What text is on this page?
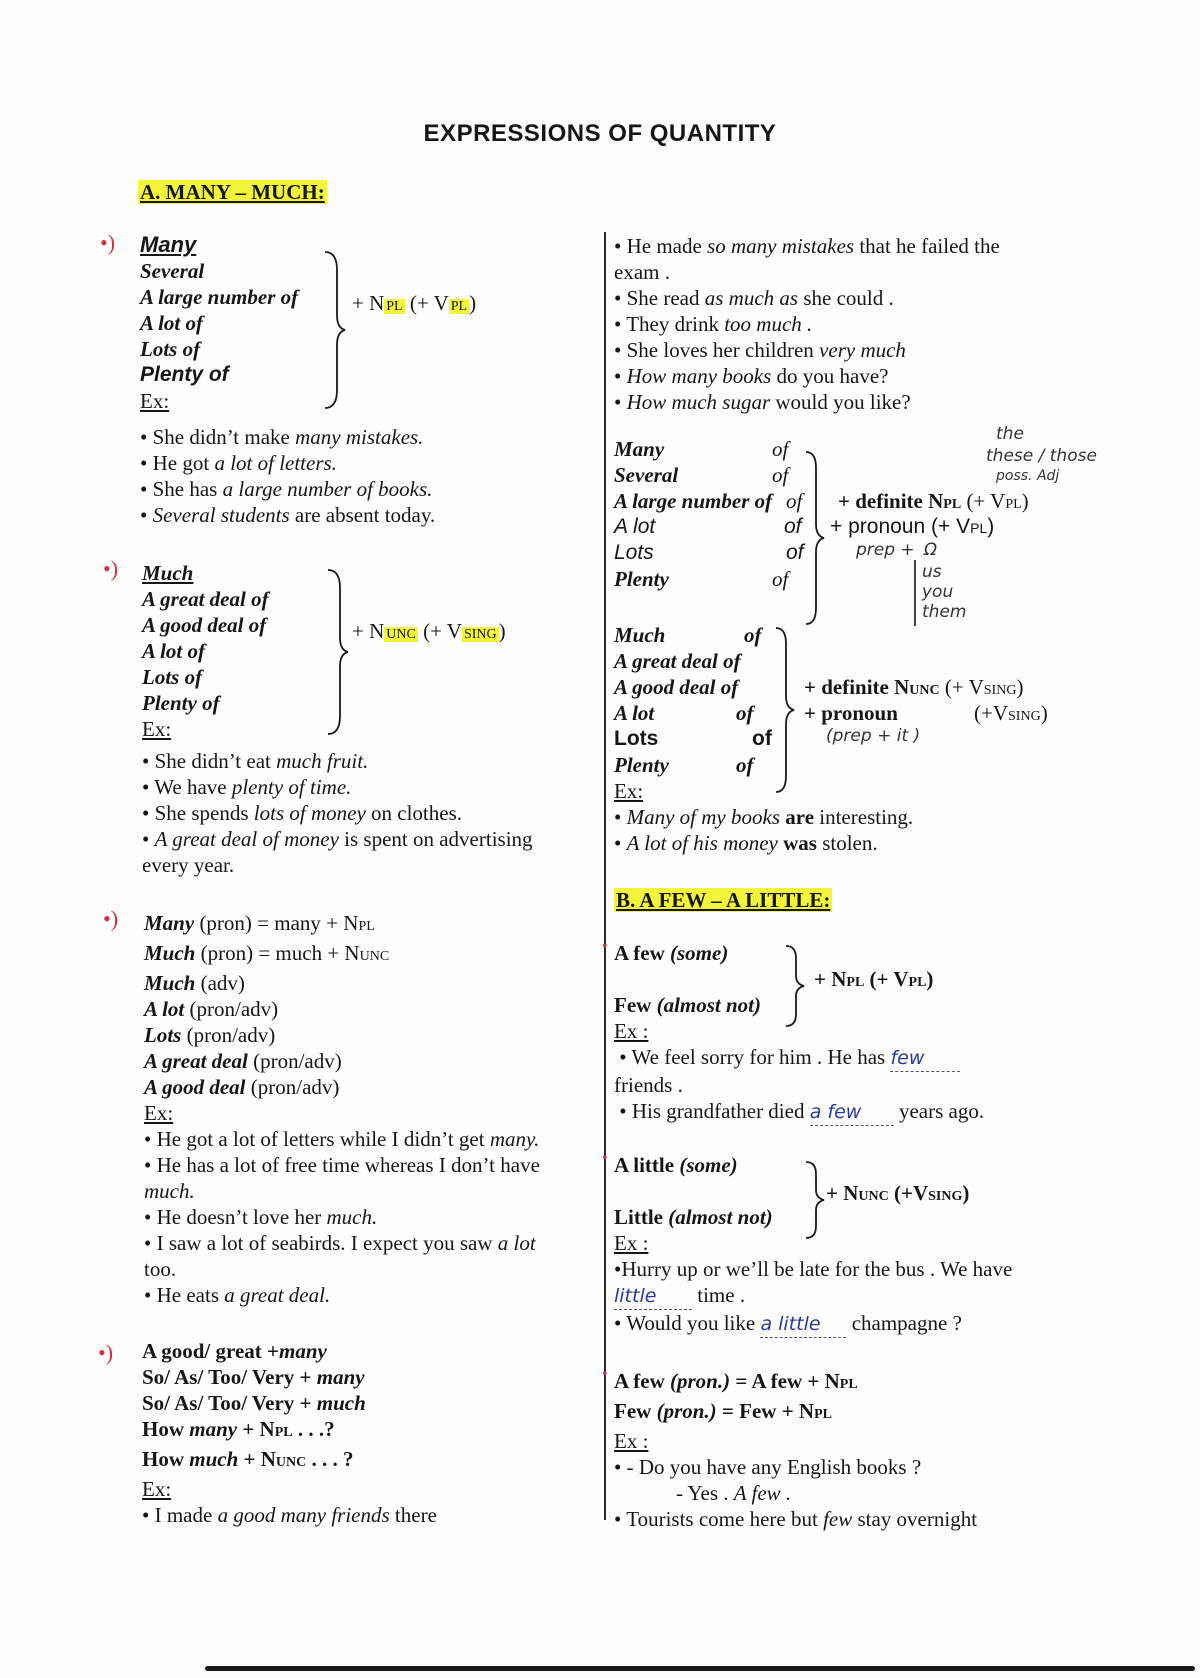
EXPRESSIONS OF QUANTITY
A. MANY – MUCH:
•)
•)
•)
•)
Many
Several
A large number of
A lot of
Lots of
Plenty of
Ex:
+ N PL (+ V PL)
• She didn’t make many mistakes.
• He got a lot of letters.
• She has a large number of books.
• Several students are absent today.
Much
A great deal of
A good deal of
A lot of
Lots of
Plenty of
Ex:
+ N UNC (+ V SING)
• She didn’t eat much fruit.
• We have plenty of time.
• She spends lots of money on clothes.
• A great deal of money is spent on advertising
every year.
Many (pron) = many + NPL
Much (pron) = much + NUNC
Much (adv)
A lot (pron/adv)
Lots (pron/adv)
A great deal (pron/adv)
A good deal (pron/adv)
Ex:
• He got a lot of letters while I didn’t get many.
• He has a lot of free time whereas I don’t have
much.
• He doesn’t love her much.
• I saw a lot of seabirds. I expect you saw a lot
too.
• He eats a great deal.
A good/ great +many
So/ As/ Too/ Very + many
So/ As/ Too/ Very + much
How many + NPL . . .?
How much + NUNC . . . ?
Ex:
• I made a good many friends there
• He made so many mistakes that he failed the
exam .
• She read as much as she could .
• They drink too much .
• She loves her children very much
• How many books do you have?
• How much sugar would you like?
Many
Several
A large number of
A lot
Lots
Plenty
of
of
of
of
of
of
+ definite NPL (+ VPL)
+ pronoun (+ VPL)
the
these / those
poss. Adj
prep + Ω
us
you
them
Much
A great deal of
A good deal of
A lot
Lots
Plenty
Ex:
of
of
of
of
+ definite NUNC (+ VSING)
+ pronoun	(+VSING)
(prep + it )
• Many of my books are interesting.
• A lot of his money was stolen.
B. A FEW – A LITTLE:
• A few (some)
Few (almost not)
+ NPL (+ VPL)
Ex :
• We feel sorry for him . He has few
friends .
• His grandfather died a few years ago.
• A little (some)
Little (almost not)
+ NUNC (+VSING)
Ex :
•Hurry up or we’ll be late for the bus . We have
little time .
• Would you like a little champagne ?
• A few (pron.) = A few + NPL
Few (pron.) = Few + NPL
Ex :
• - Do you have any English books ?
- Yes . A few .
• Tourists come here but few stay overnight
